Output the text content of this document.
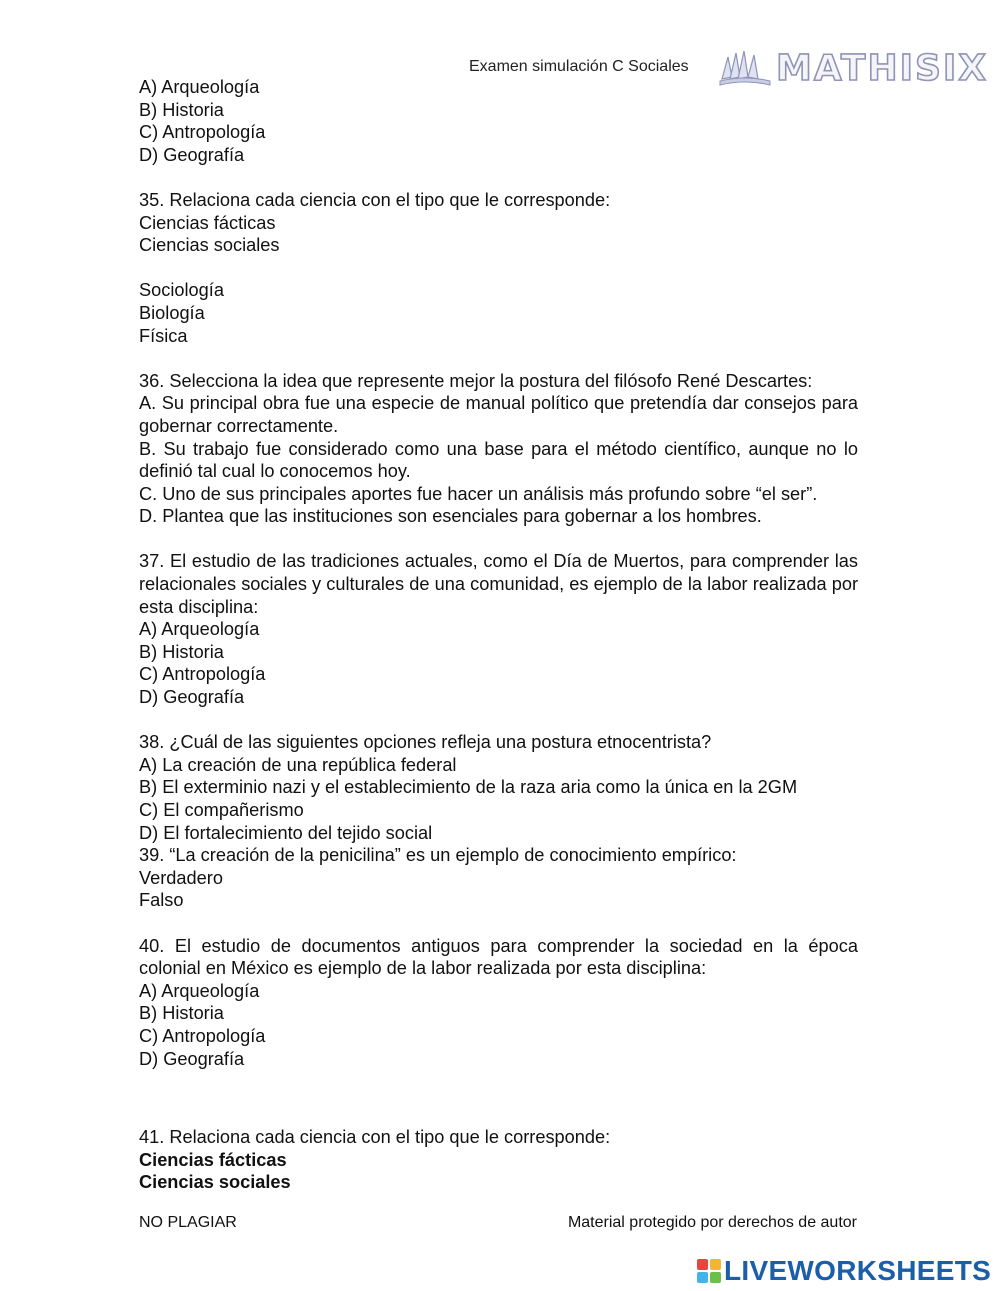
Examen simulación C Sociales MATHISIX

A) Arqueología

B) Historia

C) Antropología

D) Geografía

35. Relaciona cada ciencia con el tipo que le corresponde:

Ciencias fácticas

Ciencias sociales

Sociología

Biología

Física

36. Selecciona la idea que represente mejor la postura del filósofo René Descartes:

A. Su principal obra fue una especie de manual político que pretendía dar consejos para gobernar correctamente.

B. Su trabajo fue considerado como una base para el método científico, aunque no lo definió tal cual lo conocemos hoy.

C. Uno de sus principales aportes fue hacer un análisis más profundo sobre “el ser”.

D. Plantea que las instituciones son esenciales para gobernar a los hombres.

37. El estudio de las tradiciones actuales, como el Día de Muertos, para comprender las relacionales sociales y culturales de una comunidad, es ejemplo de la labor realizada por esta disciplina:

A) Arqueología

B) Historia

C) Antropología

D) Geografía

38. ¿Cuál de las siguientes opciones refleja una postura etnocentrista?

A) La creación de una república federal

B) El exterminio nazi y el establecimiento de la raza aria como la única en la 2GM

C) El compañerismo

D) El fortalecimiento del tejido social

39. “La creación de la penicilina” es un ejemplo de conocimiento empírico:

Verdadero

Falso

40. El estudio de documentos antiguos para comprender la sociedad en la época colonial en México es ejemplo de la labor realizada por esta disciplina:

A) Arqueología

B) Historia

C) Antropología

D) Geografía

41. Relaciona cada ciencia con el tipo que le corresponde:

Ciencias fácticas

Ciencias sociales

NO PLAGIAR	Material protegido por derechos de autor
LIVEWORKSHEETS
